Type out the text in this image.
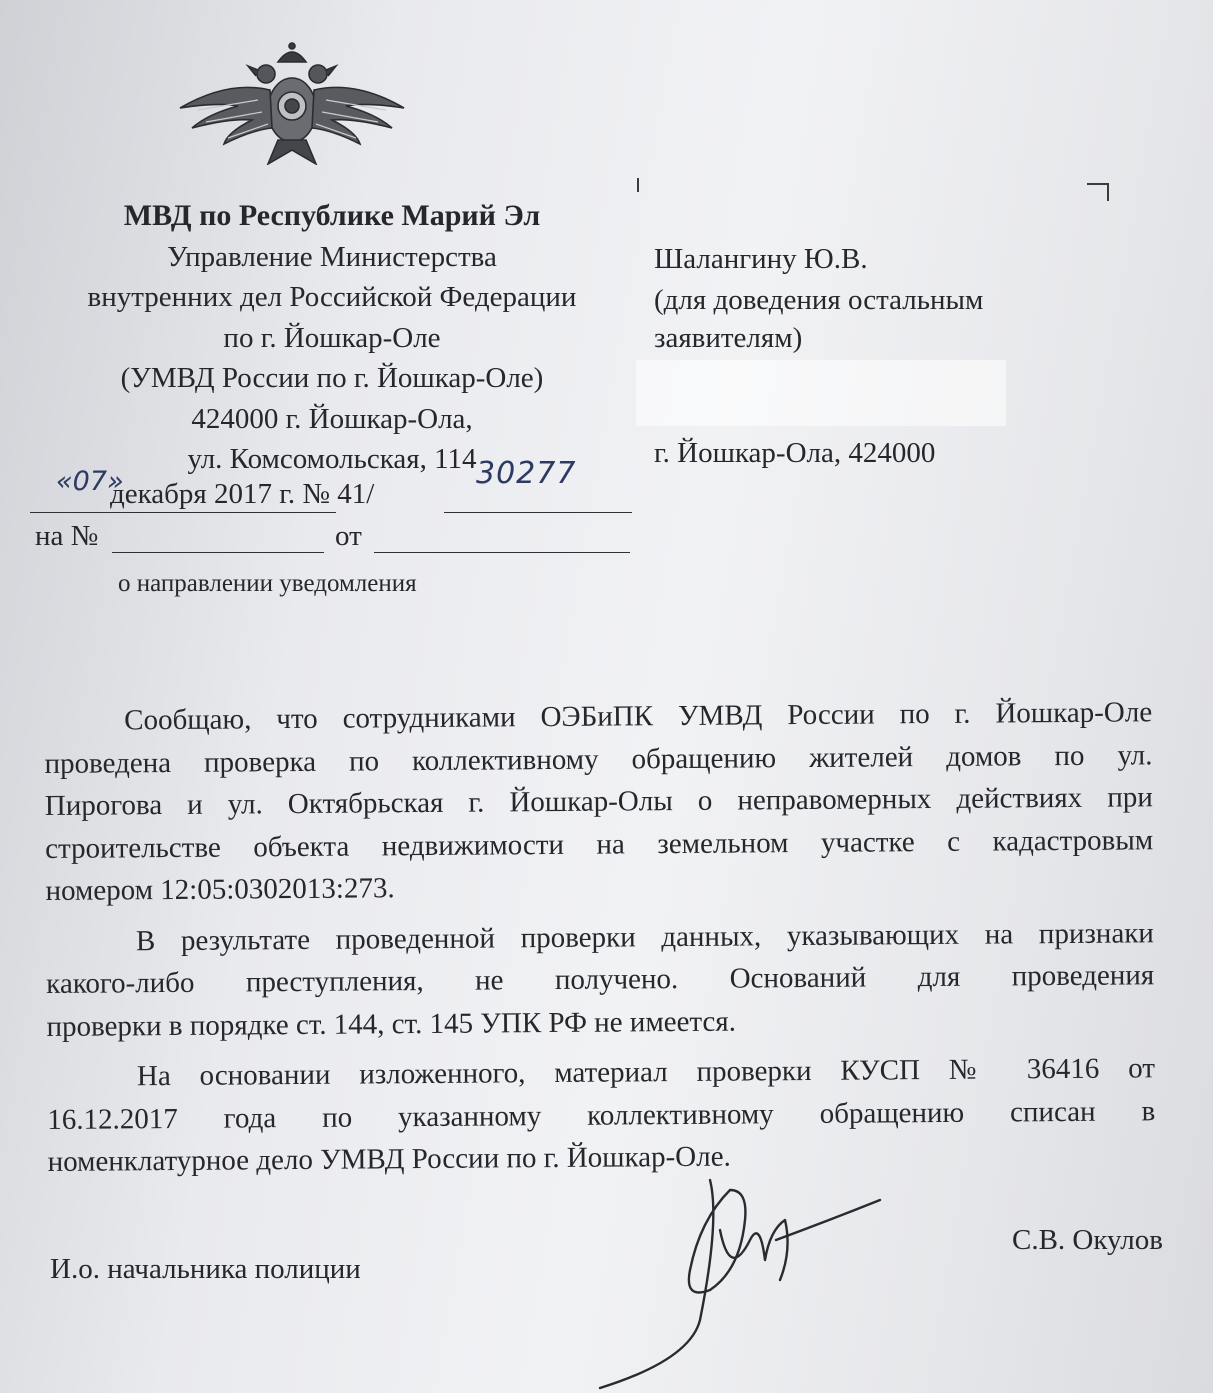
МВД по Республике Марий Эл
Управление Министерства
внутренних дел Российской Федерации
по г. Йошкар-Оле
(УМВД России по г. Йошкар-Оле)
424000 г. Йошкар-Ола,
ул. Комсомольская, 114
Шалангину Ю.В.
(для доведения остальным
заявителям)
г. Йошкар-Ола, 424000
«07»
декабря 2017 г. № 41/
30277
на №	от
о направлении уведомления
Сообщаю, что сотрудниками ОЭБиПК УМВД России по г. Йошкар-Оле
проведена проверка по коллективному обращению жителей домов по ул.
Пирогова и ул. Октябрьская г. Йошкар-Олы о неправомерных действиях при
строительстве объекта недвижимости на земельном участке с кадастровым
номером 12:05:0302013:273.
В результате проведенной проверки данных, указывающих на признаки
какого-либо преступления, не получено. Оснований для проведения
проверки в порядке ст. 144, ст. 145 УПК РФ не имеется.
На основании изложенного, материал проверки КУСП № 36416 от
16.12.2017 года по указанному коллективному обращению списан в
номенклатурное дело УМВД России по г. Йошкар-Оле.
И.о. начальника полиции
С.В. Окулов
